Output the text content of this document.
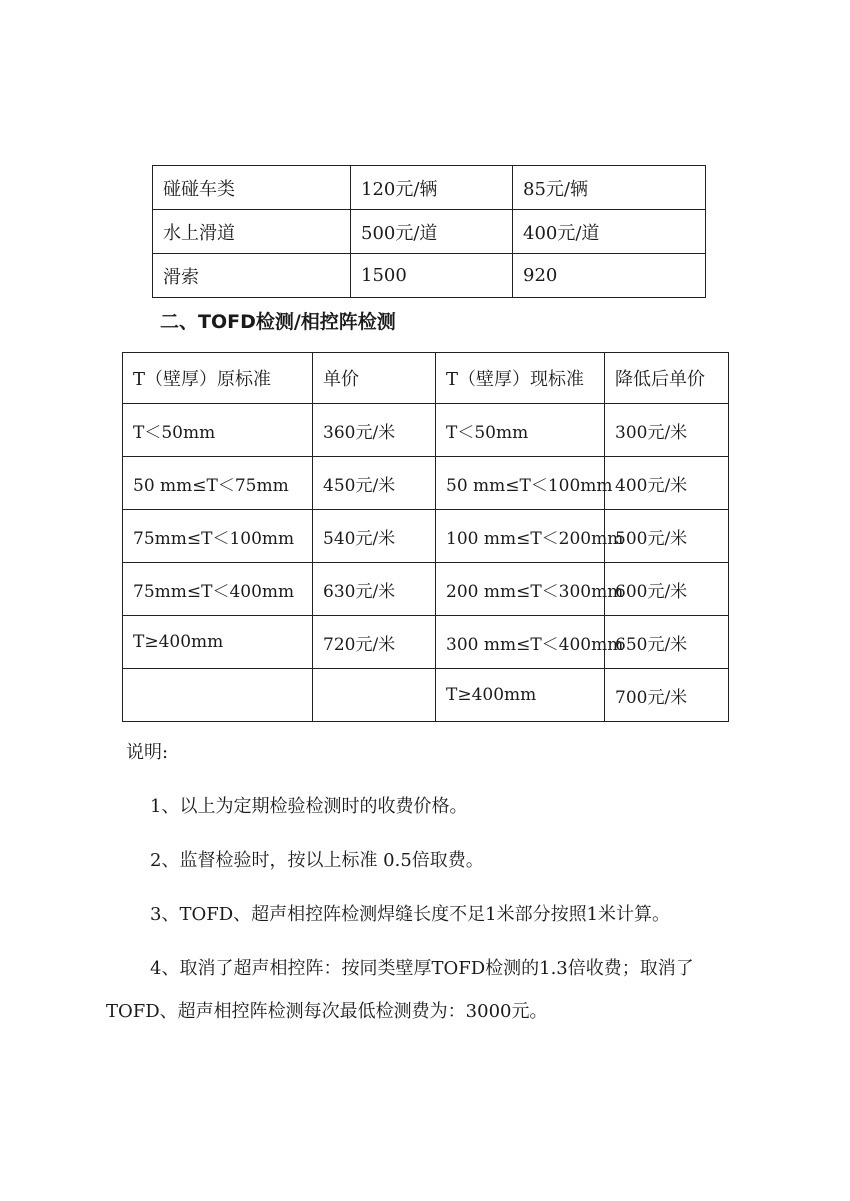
碰碰车类	120元/辆	85元/辆
水上滑道	500元/道	400元/道
滑索	1500	920
二、TOFD检测/相控阵检测
T（壁厚）原标准	单价	T（壁厚）现标准	降低后单价
T＜50mm	360元/米	T＜50mm	300元/米
50 mm≤T＜75mm	450元/米	50 mm≤T＜100mm	400元/米
75mm≤T＜100mm	540元/米	100 mm≤T＜200mm	500元/米
75mm≤T＜400mm	630元/米	200 mm≤T＜300mm	600元/米
T≥400mm	720元/米	300 mm≤T＜400mm	650元/米
		T≥400mm	700元/米
说明:
1、以上为定期检验检测时的收费价格。
2、监督检验时，按以上标准 0.5倍取费。
3、TOFD、超声相控阵检测焊缝长度不足1米部分按照1米计算。
4、取消了超声相控阵：按同类壁厚TOFD检测的1.3倍收费；取消了
TOFD、超声相控阵检测每次最低检测费为：3000元。
